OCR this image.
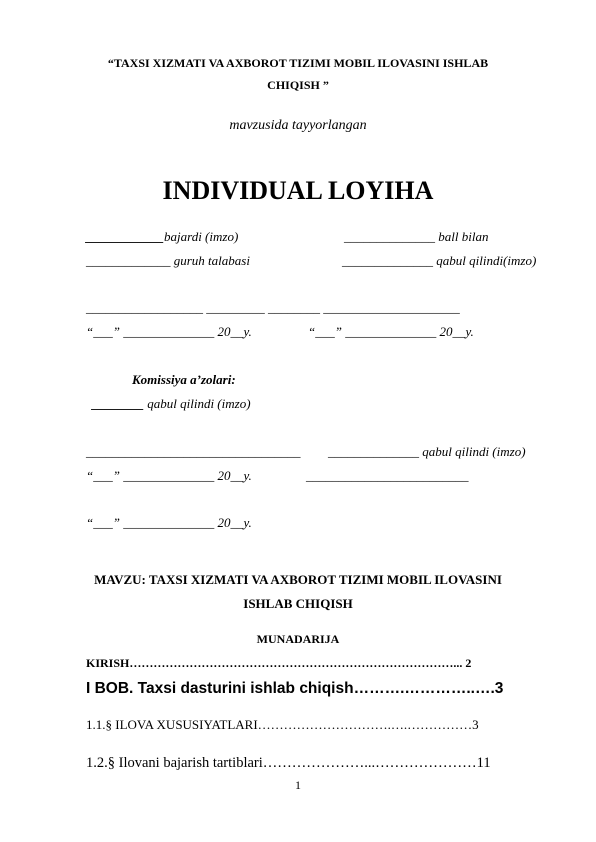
“TAXSI XIZMATI VA AXBOROT TIZIMI MOBIL ILOVASINI ISHLAB
CHIQISH ”
mavzusida tayyorlangan
INDIVIDUAL LOYIHA
____________bajardi (imzo)	______________ ball bilan
_____________ guruh talabasi	______________ qabul qilindi(imzo)
__________________ _________ ________ _____________________
“___” ______________ 20__y.	“___” ______________ 20__y.
Komissiya a’zolari:
________ qabul qilindi (imzo)
_________________________________ ______________ qabul qilindi (imzo)
“___” ______________ 20__y.	_________________________
“___” ______________ 20__y.
MAVZU: TAXSI XIZMATI VA AXBOROT TIZIMI MOBIL ILOVASINI
ISHLAB CHIQISH
MUNADARIJA
KIRISH………………………………………………………………………... 2
I BOB. Taxsi dasturini ishlab chiqish……….…………..….3
1.1.§ ILOVA XUSUSIYATLARI………………………….….……………3
1.2.§ Ilovani bajarish tartiblari…………………...…………………11
1
